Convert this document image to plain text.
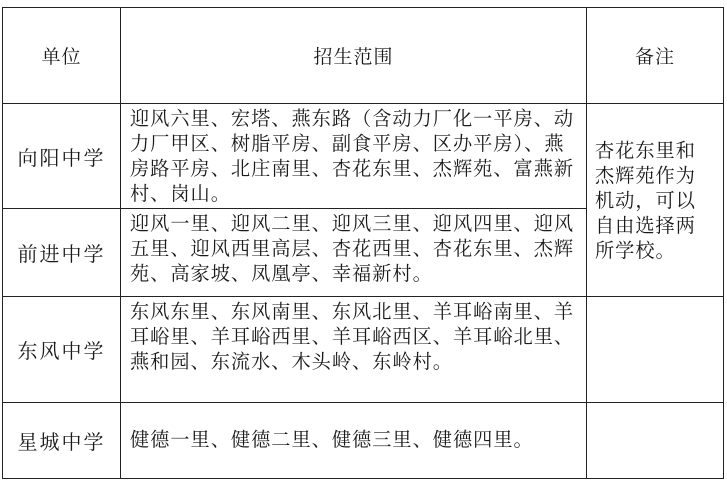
单位	招生范围	备注
向阳中学	迎风六里、宏塔、燕东路（含动力厂化一平房、动力厂甲区、树脂平房、副食平房、区办平房）、燕房路平房、北庄南里、杏花东里、杰辉苑、富燕新村、岗山。	杏花东里和杰辉苑作为机动，可以自由选择两所学校。
前进中学	迎风一里、迎风二里、迎风三里、迎风四里、迎风五里、迎风西里高层、杏花西里、杏花东里、杰辉苑、高家坡、凤凰亭、幸福新村。	
东风中学	东风东里、东风南里、东风北里、羊耳峪南里、羊耳峪里、羊耳峪西里、羊耳峪西区、羊耳峪北里、燕和园、东流水、木头岭、东岭村。	
星城中学	健德一里、健德二里、健德三里、健德四里。	
